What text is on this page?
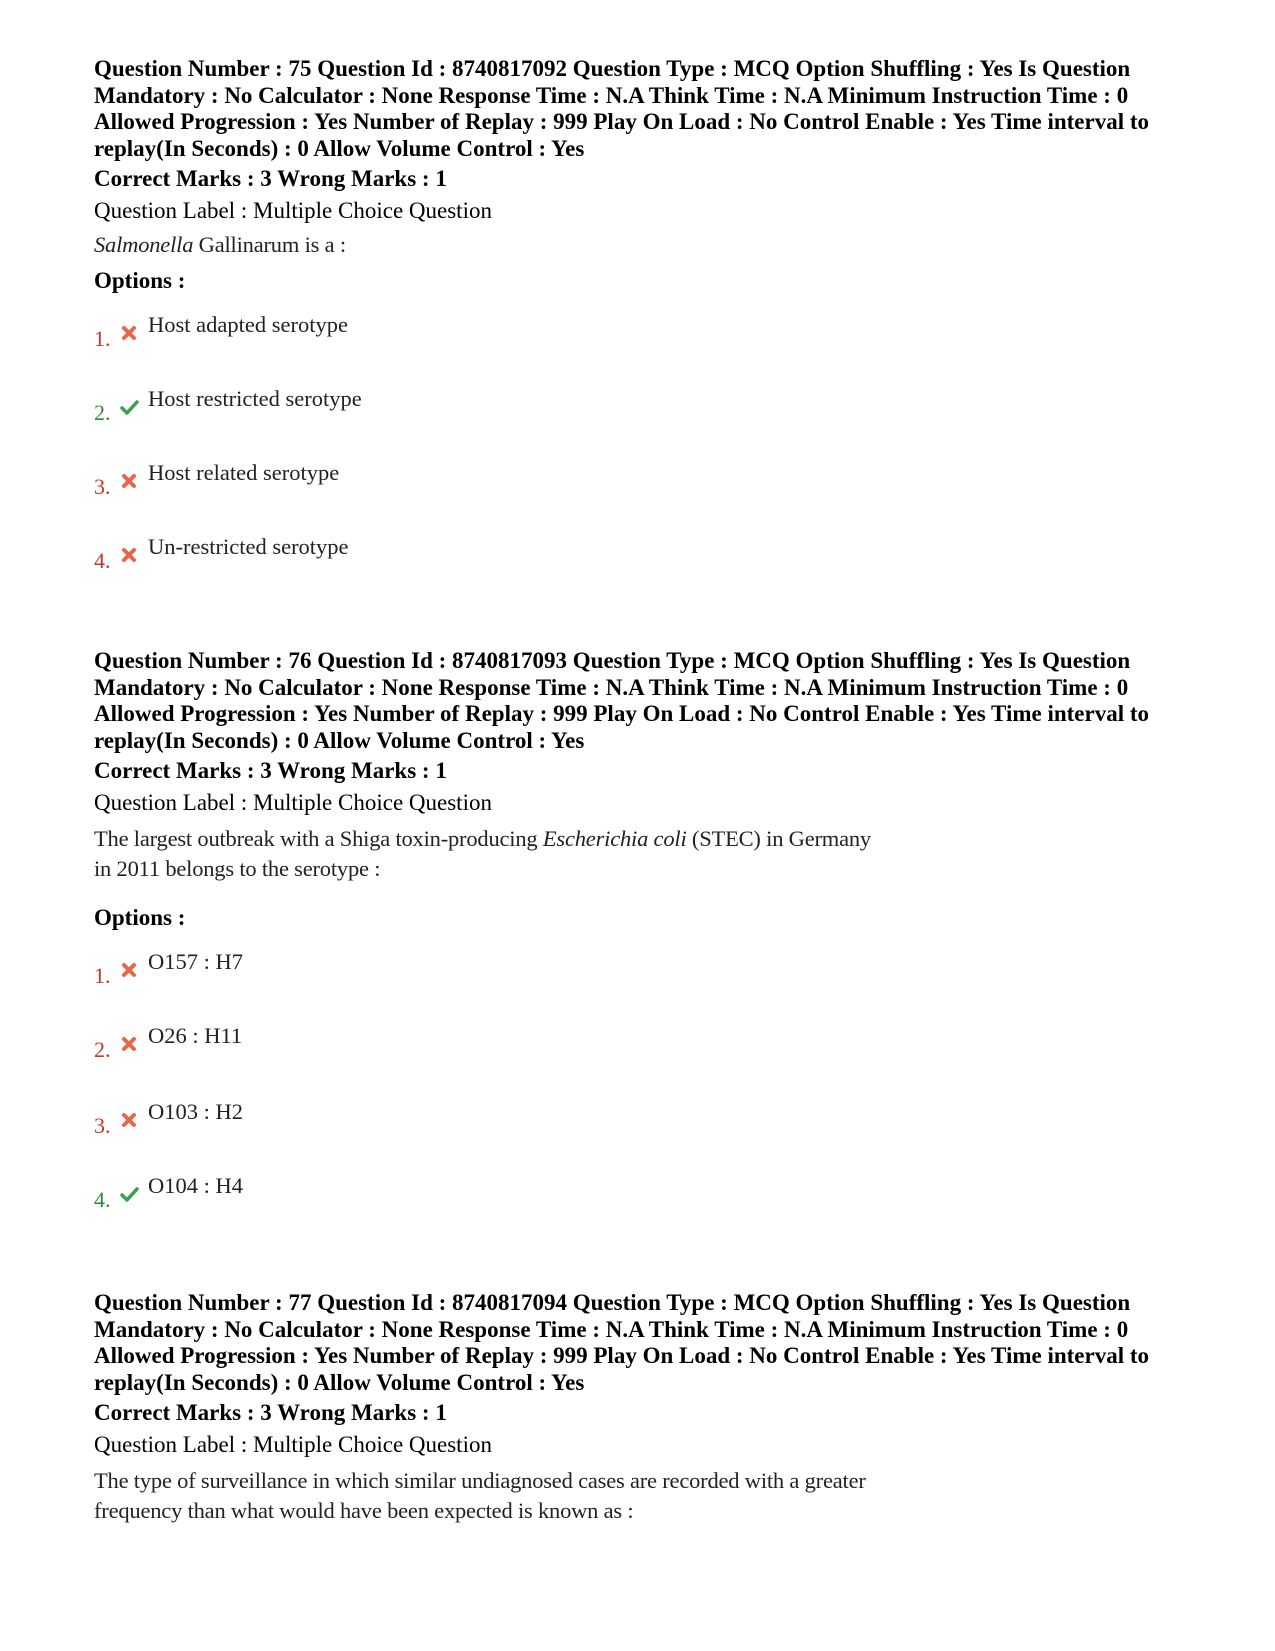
Question Number : 75 Question Id : 8740817092 Question Type : MCQ Option Shuffling : Yes Is Question Mandatory : No Calculator : None Response Time : N.A Think Time : N.A Minimum Instruction Time : 0 Allowed Progression : Yes Number of Replay : 999 Play On Load : No Control Enable : Yes Time interval to replay(In Seconds) : 0 Allow Volume Control : Yes

Correct Marks : 3 Wrong Marks : 1
Question Label : Multiple Choice Question
Salmonella Gallinarum is a :
Options :
1.
Host adapted serotype
2.
Host restricted serotype
3.
Host related serotype
4.
Un-restricted serotype

Question Number : 76 Question Id : 8740817093 Question Type : MCQ Option Shuffling : Yes Is Question Mandatory : No Calculator : None Response Time : N.A Think Time : N.A Minimum Instruction Time : 0 Allowed Progression : Yes Number of Replay : 999 Play On Load : No Control Enable : Yes Time interval to replay(In Seconds) : 0 Allow Volume Control : Yes

Correct Marks : 3 Wrong Marks : 1
Question Label : Multiple Choice Question
The largest outbreak with a Shiga toxin-producing Escherichia coli (STEC) in Germany
in 2011 belongs to the serotype :
Options :
1.
O157 : H7
2.
O26 : H11
3.
O103 : H2
4.
O104 : H4

Question Number : 77 Question Id : 8740817094 Question Type : MCQ Option Shuffling : Yes Is Question Mandatory : No Calculator : None Response Time : N.A Think Time : N.A Minimum Instruction Time : 0 Allowed Progression : Yes Number of Replay : 999 Play On Load : No Control Enable : Yes Time interval to replay(In Seconds) : 0 Allow Volume Control : Yes

Correct Marks : 3 Wrong Marks : 1
Question Label : Multiple Choice Question
The type of surveillance in which similar undiagnosed cases are recorded with a greater
frequency than what would have been expected is known as :
